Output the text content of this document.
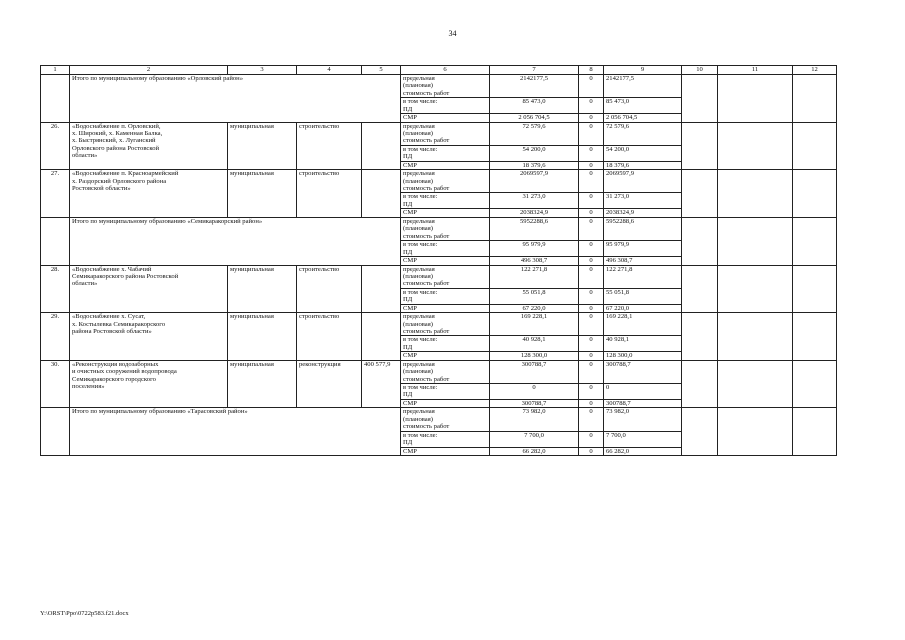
34
1	2	3	4	5	6	7	8	9	10	11	12
	Итого по муниципальному образованию «Орловский район»				предельная
(плановая)
стоимость работ	2142177,5	0	2142177,5			
					в том числе:
ПД	85 473,0	0	85 473,0			
					СМР	2 056 704,5	0	2 056 704,5			
26.	«Водоснабжение п. Орловский,
х. Широкий, х. Каменная Балка,
х. Быстрянский, х. Луганский
Орловского района Ростовской
области»	муниципальная	строительство		предельная
(плановая)
стоимость работ	72 579,6	0	72 579,6			
					в том числе:
ПД	54 200,0	0	54 200,0			
					СМР	18 379,6	0	18 379,6			
27.	«Водоснабжение п. Красноармейский
х. Раздорский Орловского района
Ростовской области»	муниципальная	строительство		предельная
(плановая)
стоимость работ	2069597,9	0	2069597,9			
					в том числе:
ПД	31 273,0	0	31 273,0			
					СМР	2038324,9	0	2038324,9			
	Итого по муниципальному образованию «Семикаракорский район»				предельная
(плановая)
стоимость работ	5952288,6	0	5952288,6			
					в том числе:
ПД	95 979,9	0	95 979,9			
					СМР	496 308,7	0	496 308,7			
28.	«Водоснабжение х. Чабачий
Семикаракорского района Ростовской
области»	муниципальная	строительство		предельная
(плановая)
стоимость работ	122 271,8	0	122 271,8			
					в том числе:
ПД	55 051,8	0	55 051,8			
					СМР	67 220,0	0	67 220,0			
29.	«Водоснабжение х. Сусат,
х. Костылевка Семикаракорского
района Ростовской области»	муниципальная	строительство		предельная
(плановая)
стоимость работ	169 228,1	0	169 228,1			
					в том числе:
ПД	40 928,1	0	40 928,1			
					СМР	128 300,0	0	128 300,0			
30.	«Реконструкция водозаборных
и очистных сооружений водопровода
Семикаракорского городского
поселения»	муниципальная	реконструкция	400 577,9	предельная
(плановая)
стоимость работ	300788,7	0	300788,7			
					в том числе:
ПД	0	0	0			
					СМР	300788,7	0	300788,7			
	Итого по муниципальному образованию «Тарасовский район»				предельная
(плановая)
стоимость работ	73 982,0	0	73 982,0			
					в том числе:
ПД	7 700,0	0	7 700,0			
					СМР	66 282,0	0	66 282,0			
Y:\ORST\Ppo\0722p583.f21.docx
